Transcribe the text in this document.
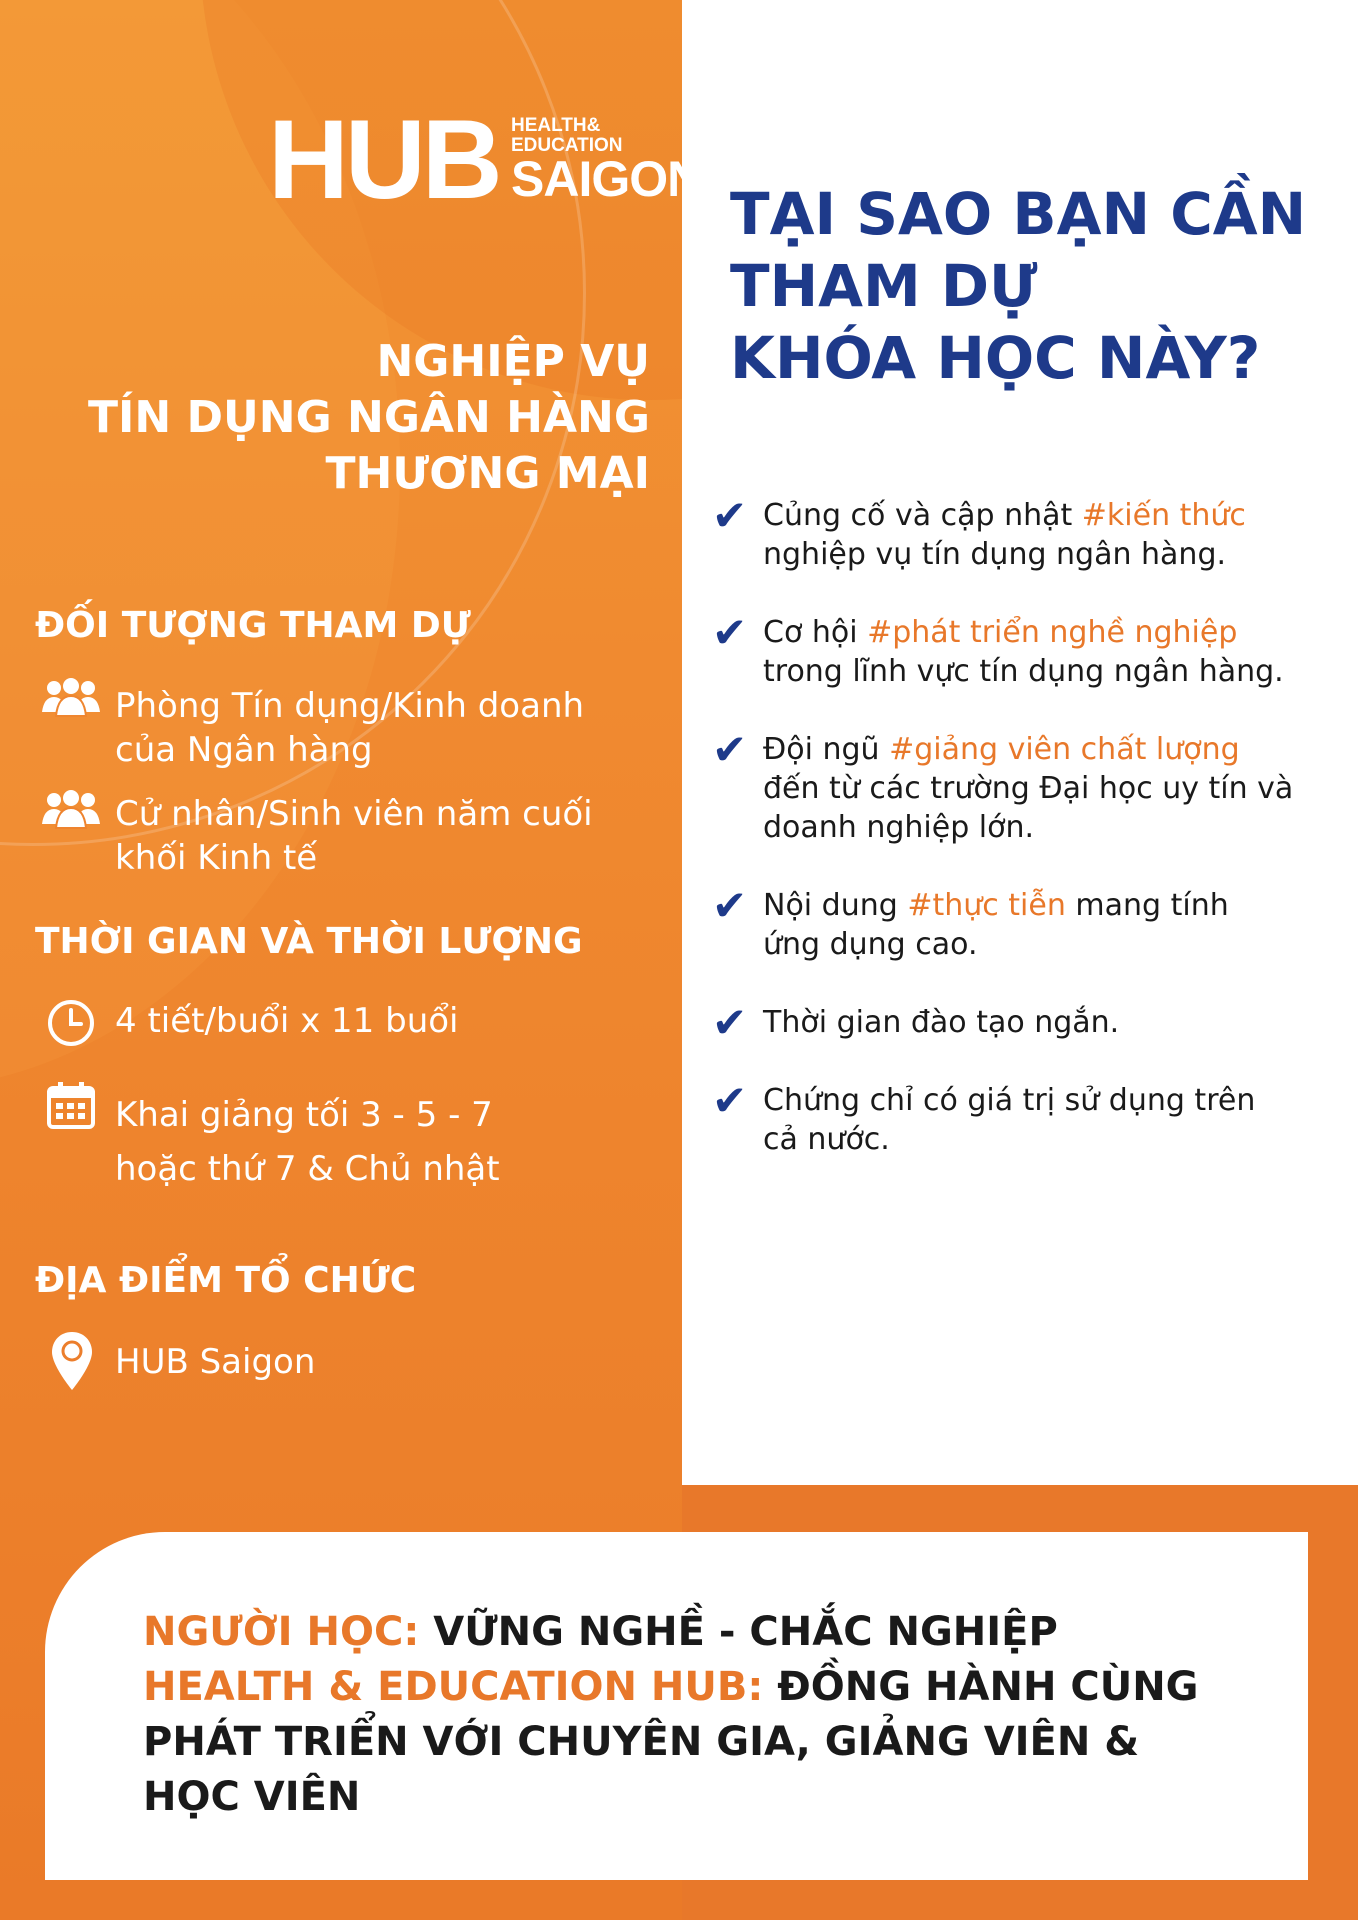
HUB HEALTH&
EDUCATION
SAIGON
NGHIỆP VỤ
TÍN DỤNG NGÂN HÀNG
THƯƠNG MẠI
ĐỐI TƯỢNG THAM DỰ
Phòng Tín dụng/Kinh doanh
của Ngân hàng
Cử nhân/Sinh viên năm cuối
khối Kinh tế
THỜI GIAN VÀ THỜI LƯỢNG
4 tiết/buổi x 11 buổi
Khai giảng tối 3 - 5 - 7
hoặc thứ 7 & Chủ nhật
ĐỊA ĐIỂM TỔ CHỨC
HUB Saigon
TẠI SAO BẠN CẦN
THAM DỰ
KHÓA HỌC NÀY?
✔ Củng cố và cập nhật #kiến thức
nghiệp vụ tín dụng ngân hàng.
✔ Cơ hội #phát triển nghề nghiệp
trong lĩnh vực tín dụng ngân hàng.
✔ Đội ngũ #giảng viên chất lượng
đến từ các trường Đại học uy tín và
doanh nghiệp lớn.
✔ Nội dung #thực tiễn mang tính
ứng dụng cao.
✔ Thời gian đào tạo ngắn.
✔ Chứng chỉ có giá trị sử dụng trên
cả nước.
NGƯỜI HỌC: VỮNG NGHỀ - CHẮC NGHIỆP
HEALTH & EDUCATION HUB: ĐỒNG HÀNH CÙNG
PHÁT TRIỂN VỚI CHUYÊN GIA, GIẢNG VIÊN &
HỌC VIÊN
